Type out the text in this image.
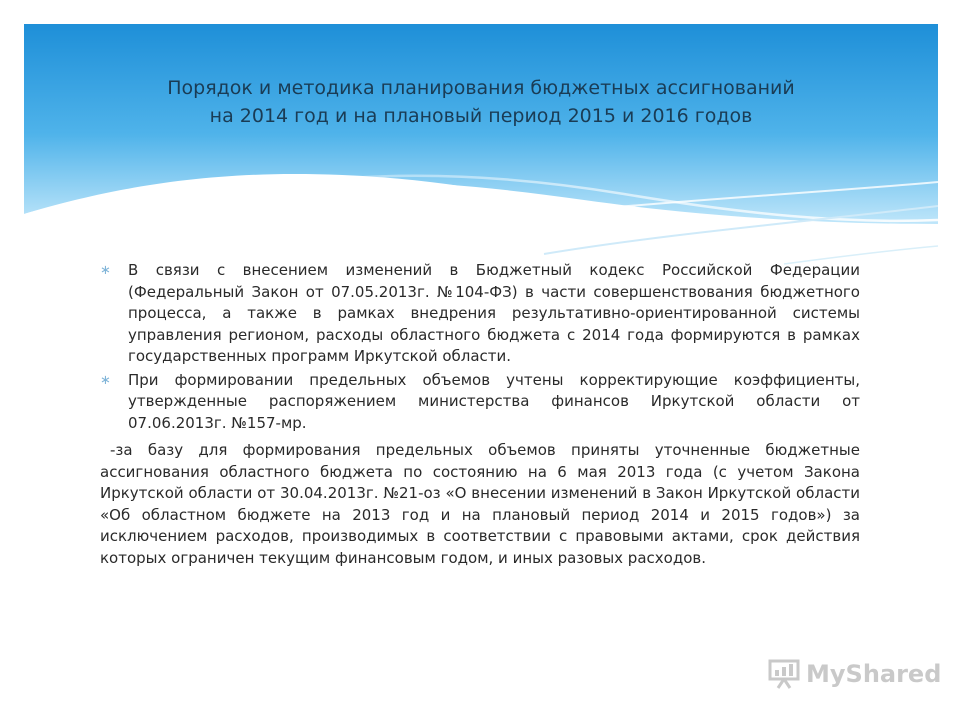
Порядок и методика планирования бюджетных ассигнований
на 2014 год и на плановый период 2015 и 2016 годов
∗ В связи с внесением изменений в Бюджетный кодекс Российской Федерации (Федеральный Закон от 07.05.2013г. №104-ФЗ) в части совершенствования бюджетного процесса, а также в рамках внедрения результативно-ориентированной системы управления регионом, расходы областного бюджета с 2014 года формируются в рамках государственных программ Иркутской области.
∗ При формировании предельных объемов учтены корректирующие коэффициенты, утвержденные распоряжением министерства финансов Иркутской области от 07.06.2013г. №157-мр.
-за базу для формирования предельных объемов приняты уточненные бюджетные ассигнования областного бюджета по состоянию на 6 мая 2013 года (с учетом Закона Иркутской области от 30.04.2013г. №21-оз «О внесении изменений в Закон Иркутской области «Об областном бюджете на 2013 год и на плановый период 2014 и 2015 годов») за исключением расходов, производимых в соответствии с правовыми актами, срок действия которых ограничен текущим финансовым годом, и иных разовых расходов.
MyShared
